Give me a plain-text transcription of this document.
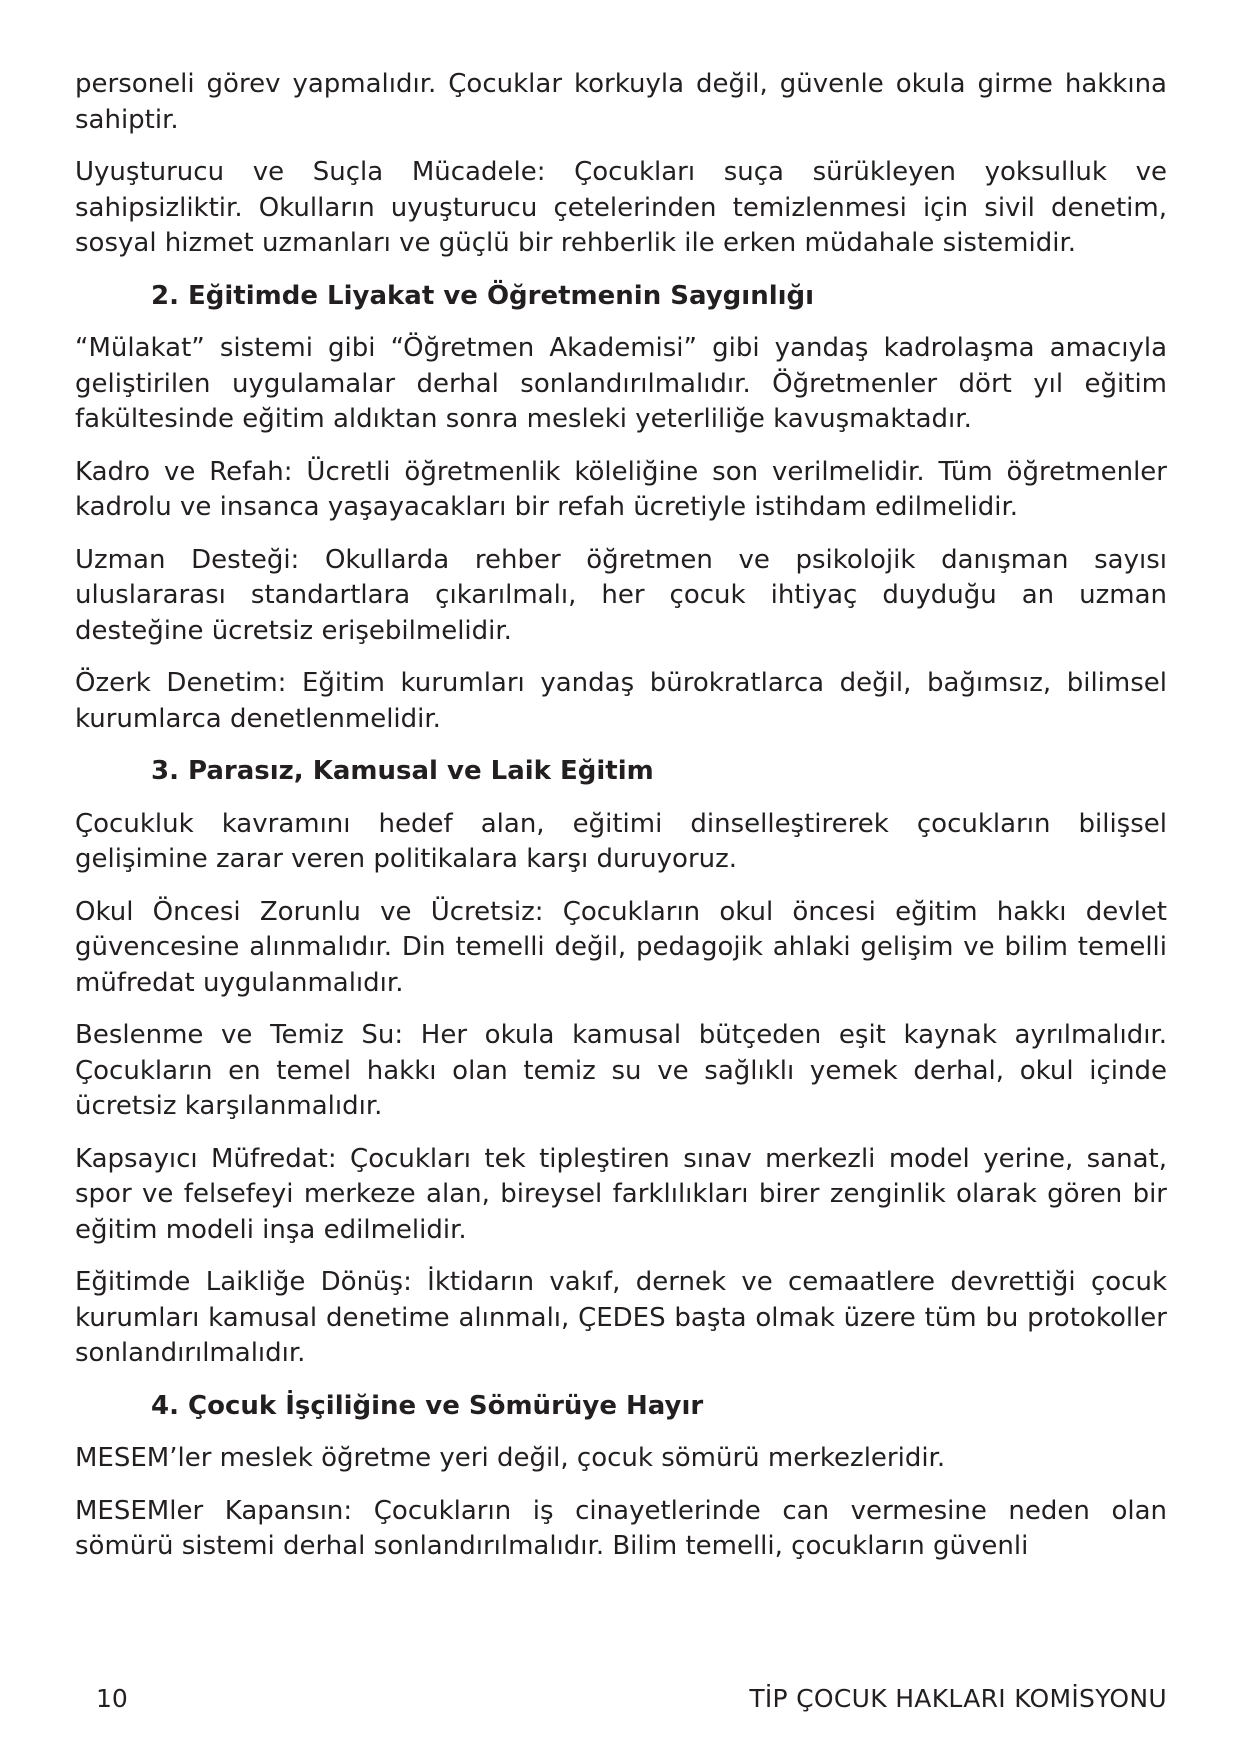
personeli görev yapmalıdır. Çocuklar korkuyla değil, güvenle okula girme hakkına sahiptir.

Uyuşturucu ve Suçla Mücadele: Çocukları suça sürükleyen yoksulluk ve sahipsizliktir. Okulların uyuşturucu çetelerinden temizlenmesi için sivil denetim, sosyal hizmet uzmanları ve güçlü bir rehberlik ile erken müdahale sistemidir.

2. Eğitimde Liyakat ve Öğretmenin Saygınlığı

“Mülakat” sistemi gibi “Öğretmen Akademisi” gibi yandaş kadrolaşma amacıyla geliştirilen uygulamalar derhal sonlandırılmalıdır. Öğretmenler dört yıl eğitim fakültesinde eğitim aldıktan sonra mesleki yeterliliğe kavuşmaktadır.

Kadro ve Refah: Ücretli öğretmenlik köleliğine son verilmelidir. Tüm öğretmenler kadrolu ve insanca yaşayacakları bir refah ücretiyle istihdam edilmelidir.

Uzman Desteği: Okullarda rehber öğretmen ve psikolojik danışman sayısı uluslararası standartlara çıkarılmalı, her çocuk ihtiyaç duyduğu an uzman desteğine ücretsiz erişebilmelidir.

Özerk Denetim: Eğitim kurumları yandaş bürokratlarca değil, bağımsız, bilimsel kurumlarca denetlenmelidir.

3. Parasız, Kamusal ve Laik Eğitim

Çocukluk kavramını hedef alan, eğitimi dinselleştirerek çocukların bilişsel gelişimine zarar veren politikalara karşı duruyoruz.

Okul Öncesi Zorunlu ve Ücretsiz: Çocukların okul öncesi eğitim hakkı devlet güvencesine alınmalıdır. Din temelli değil, pedagojik ahlaki gelişim ve bilim temelli müfredat uygulanmalıdır.

Beslenme ve Temiz Su: Her okula kamusal bütçeden eşit kaynak ayrılmalıdır. Çocukların en temel hakkı olan temiz su ve sağlıklı yemek derhal, okul içinde ücretsiz karşılanmalıdır.

Kapsayıcı Müfredat: Çocukları tek tipleştiren sınav merkezli model yerine, sanat, spor ve felsefeyi merkeze alan, bireysel farklılıkları birer zenginlik olarak gören bir eğitim modeli inşa edilmelidir.

Eğitimde Laikliğe Dönüş: İktidarın vakıf, dernek ve cemaatlere devrettiği çocuk kurumları kamusal denetime alınmalı, ÇEDES başta olmak üzere tüm bu protokoller sonlandırılmalıdır.

4. Çocuk İşçiliğine ve Sömürüye Hayır

MESEM’ler meslek öğretme yeri değil, çocuk sömürü merkezleridir.

MESEMler Kapansın: Çocukların iş cinayetlerinde can vermesine neden olan sömürü sistemi derhal sonlandırılmalıdır. Bilim temelli, çocukların güvenli

10	TİP ÇOCUK HAKLARI KOMİSYONU
